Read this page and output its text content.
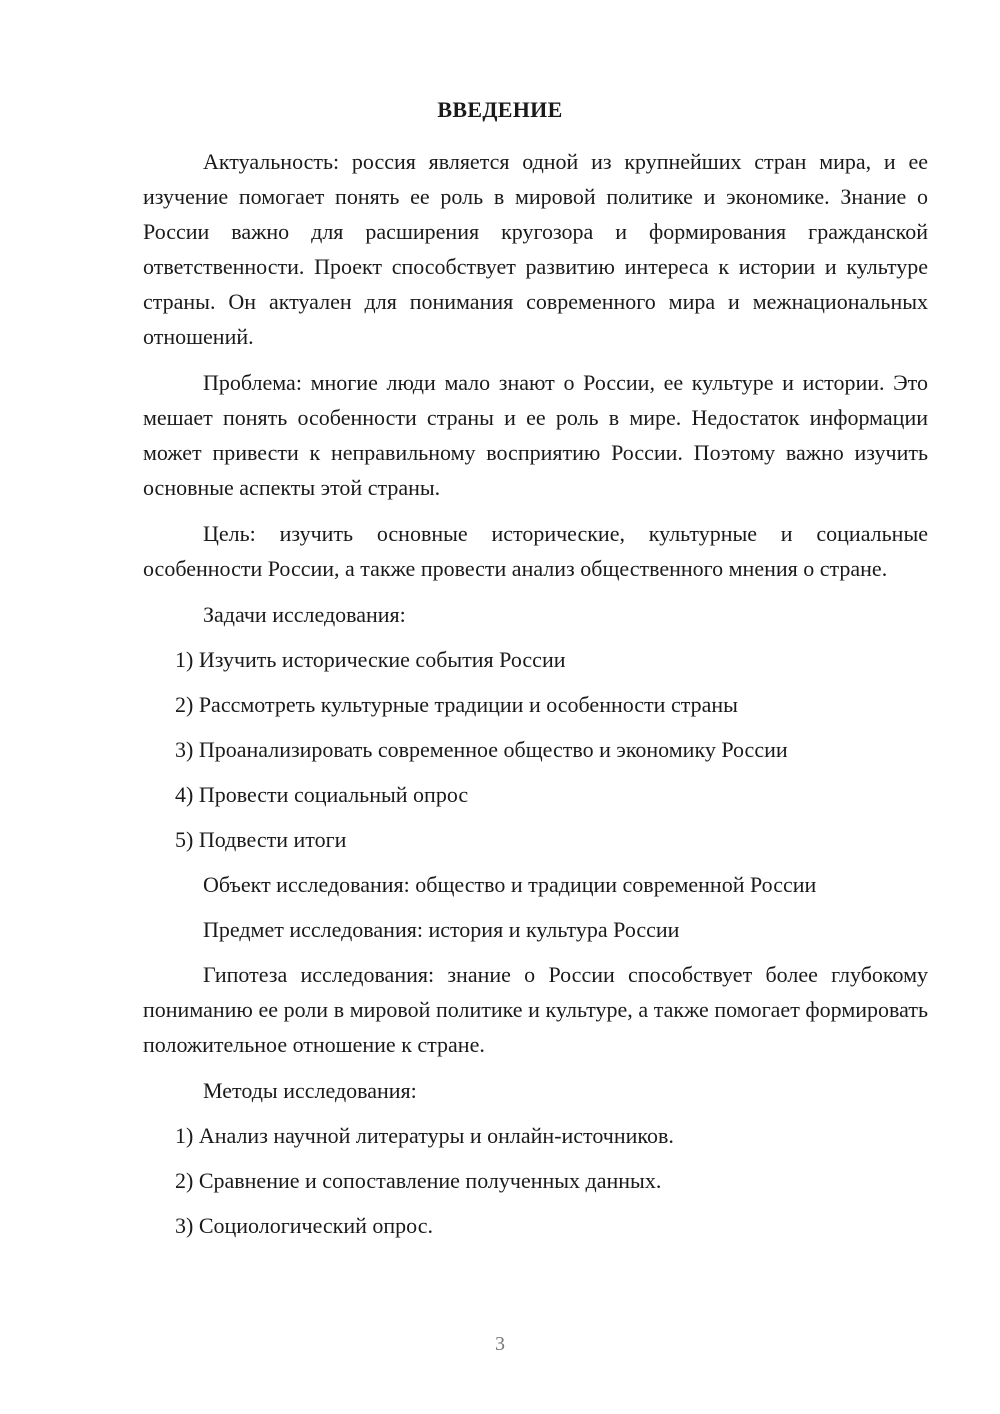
ВВЕДЕНИЕ

Актуальность: россия является одной из крупнейших стран мира, и ее изучение помогает понять ее роль в мировой политике и экономике. Знание о России важно для расширения кругозора и формирования гражданской ответственности. Проект способствует развитию интереса к истории и культуре страны. Он актуален для понимания современного мира и межнациональных отношений.

Проблема: многие люди мало знают о России, ее культуре и истории. Это мешает понять особенности страны и ее роль в мире. Недостаток информации может привести к неправильному восприятию России. Поэтому важно изучить основные аспекты этой страны.

Цель: изучить основные исторические, культурные и социальные особенности России, а также провести анализ общественного мнения о стране.

Задачи исследования:

1) Изучить исторические события России
2) Рассмотреть культурные традиции и особенности страны
3) Проанализировать современное общество и экономику России
4) Провести социальный опрос
5) Подвести итоги

Объект исследования: общество и традиции современной России

Предмет исследования: история и культура России

Гипотеза исследования: знание о России способствует более глубокому пониманию ее роли в мировой политике и культуре, а также помогает формировать положительное отношение к стране.

Методы исследования:

1) Анализ научной литературы и онлайн-источников.
2) Сравнение и сопоставление полученных данных.
3) Социологический опрос.
3
